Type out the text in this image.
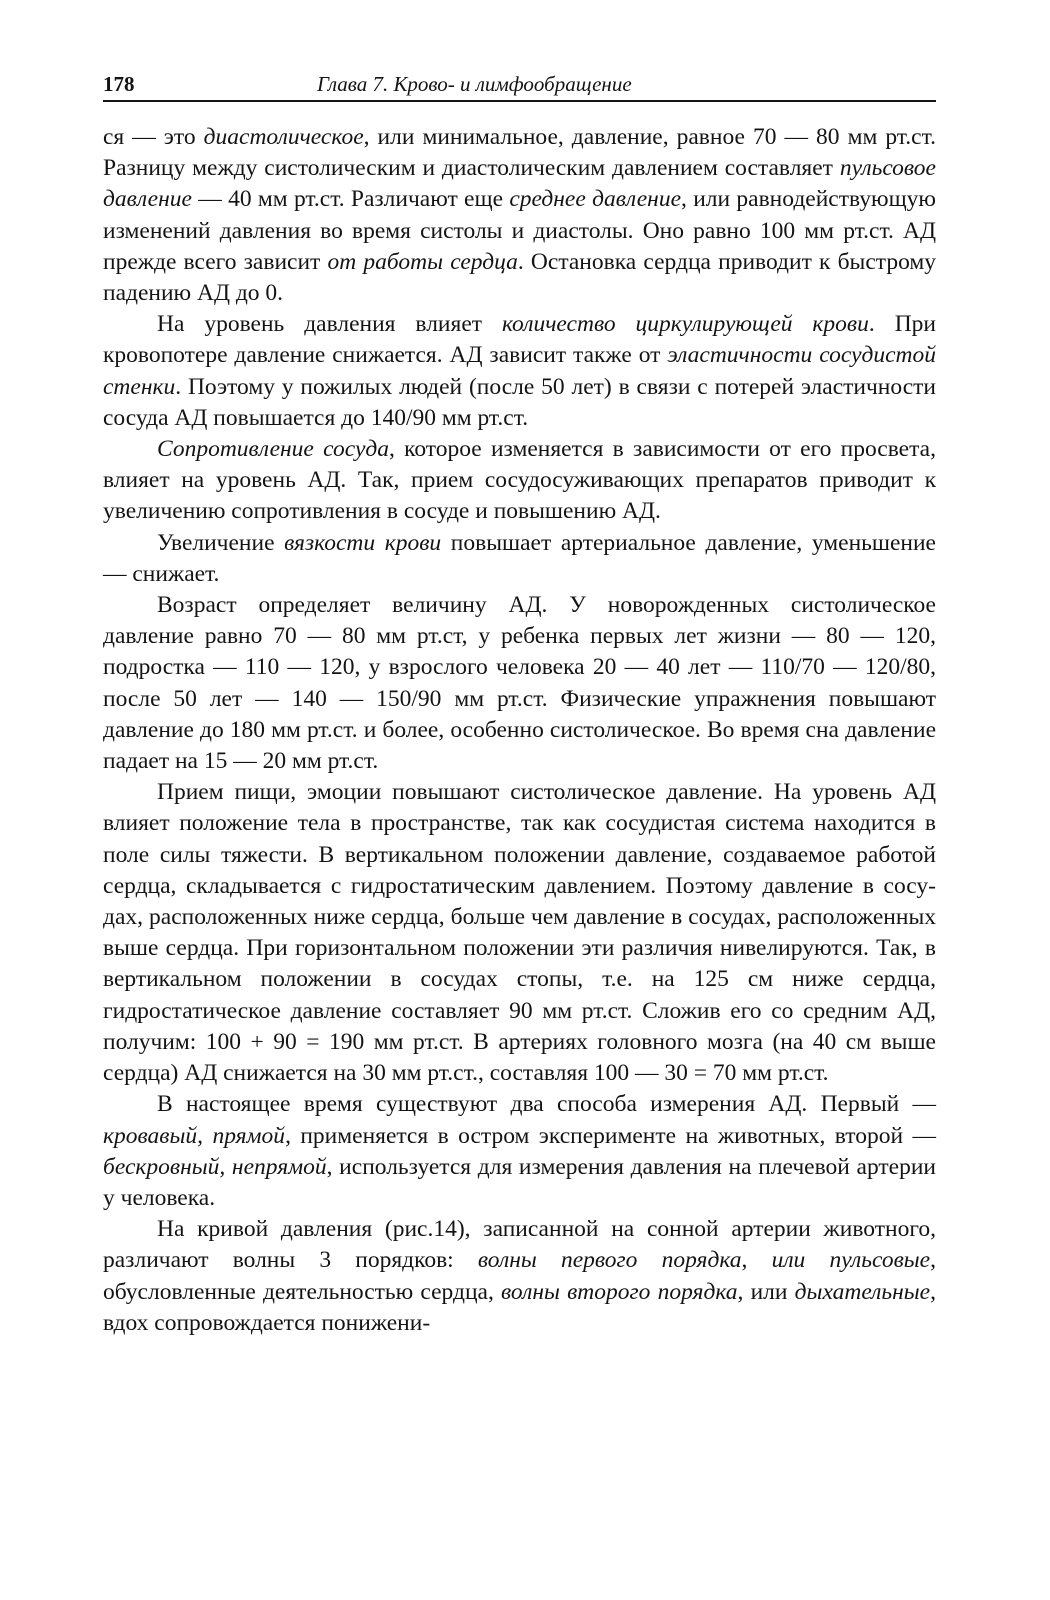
178	Глава 7. Крово- и лимфообращение

ся — это диастолическое, или минимальное, давление, равное 70 — 80 мм рт.ст. Разницу между систолическим и диастолическим давлением составляет пульсовое давление — 40 мм рт.ст. Различают еще среднее давление, или равнодействующую изменений давления во время систолы и диастолы. Оно равно 100 мм рт.ст. АД прежде всего зависит от работы сердца. Остановка сердца приводит к быстрому падению АД до 0.

На уровень давления влияет количество циркулирующей крови. При кровопотере давление снижается. АД зависит также от эластичности сосудистой стенки. Поэтому у пожилых людей (после 50 лет) в связи с потерей эластичности сосуда АД повышается до 140/90 мм рт.ст.

Сопротивление сосуда, которое изменяется в зависимости от его просвета, влияет на уровень АД. Так, прием сосудосуживающих препаратов приводит к увеличению сопротивления в сосуде и повышению АД.

Увеличение вязкости крови повышает артериальное давление, уменьшение — снижает.

Возраст определяет величину АД. У новорожденных систолическое давление равно 70 — 80 мм рт.ст, у ребенка первых лет жизни — 80 — 120, подростка — 110 — 120, у взрослого человека 20 — 40 лет — 110/70 — 120/80, после 50 лет — 140 — 150/90 мм рт.ст. Физические упражнения повышают давление до 180 мм рт.ст. и более, особенно систолическое. Во время сна давление падает на 15 — 20 мм рт.ст.

Прием пищи, эмоции повышают систолическое давление. На уровень АД влияет положение тела в пространстве, так как сосудистая система находится в поле силы тяжести. В вертикальном положении давление, создаваемое работой сердца, складывается с гидростатическим давлением. Поэтому давление в сосудах, расположенных ниже сердца, больше чем давление в сосудах, расположенных выше сердца. При горизонтальном положении эти различия нивелируются. Так, в вертикальном положении в сосудах стопы, т.е. на 125 см ниже сердца, гидростатическое давление составляет 90 мм рт.ст. Сложив его со средним АД, получим: 100 + 90 = 190 мм рт.ст. В артериях головного мозга (на 40 см выше сердца) АД снижается на 30 мм рт.ст., составляя 100 — 30 = 70 мм рт.ст.

В настоящее время существуют два способа измерения АД. Первый — кровавый, прямой, применяется в остром эксперименте на животных, второй — бескровный, непрямой, используется для измерения давления на плечевой артерии у человека.

На кривой давления (рис.14), записанной на сонной артерии животного, различают волны 3 порядков: волны первого порядка, или пульсовые, обусловленные деятельностью сердца, волны второго порядка, или дыхательные, вдох сопровождается понижени-
